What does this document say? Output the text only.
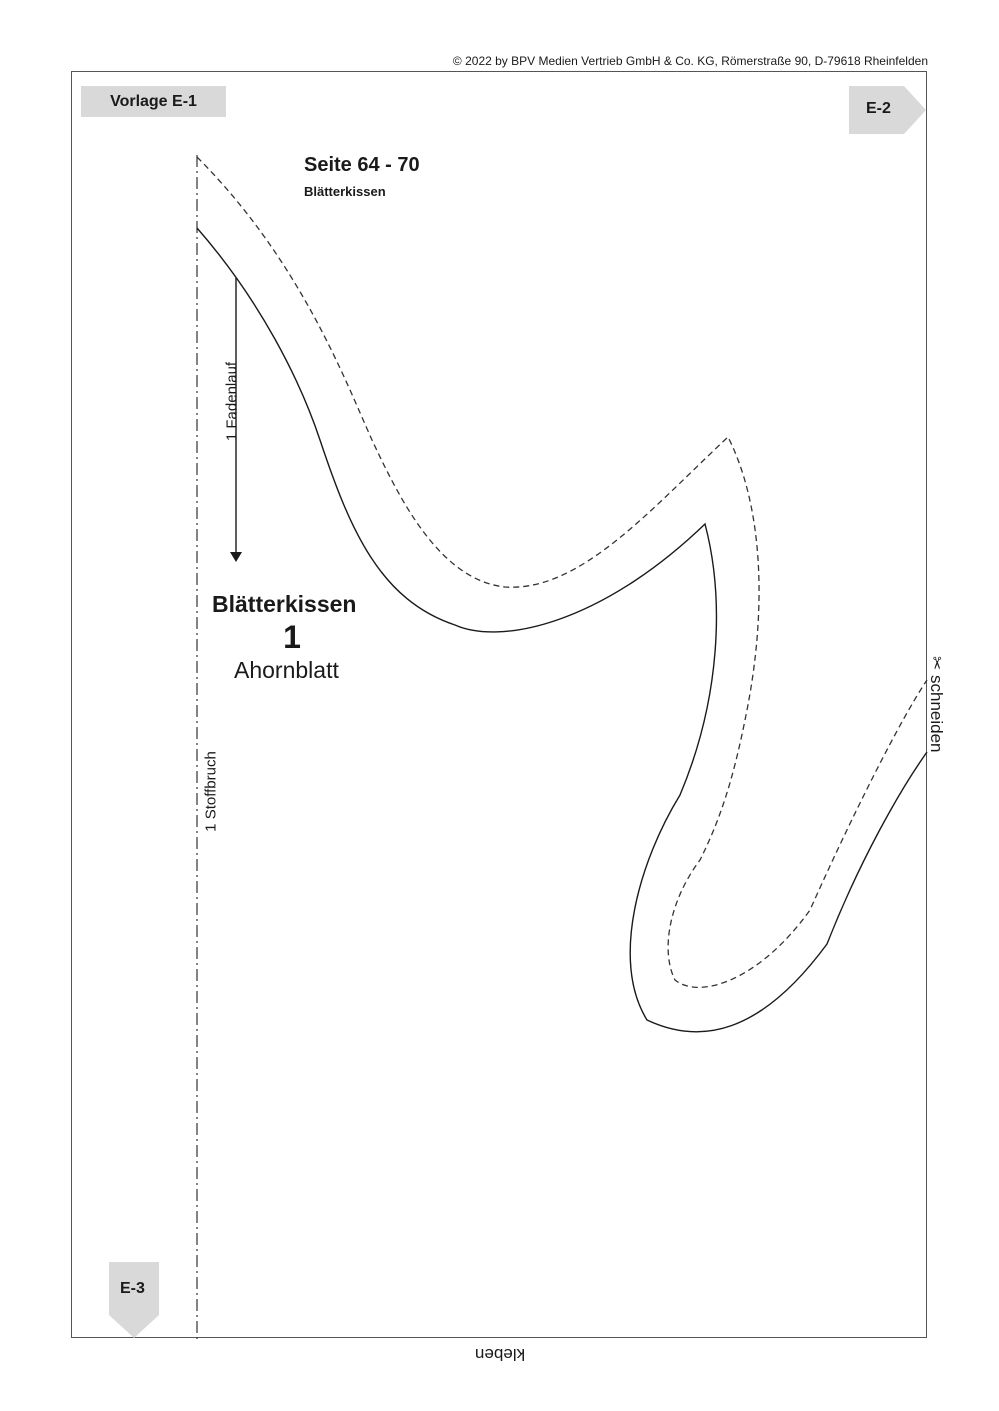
© 2022 by BPV Medien Vertrieb GmbH & Co. KG, Römerstraße 90, D-79618 Rheinfelden
Vorlage E-1	E-2
E-3
Seite 64 - 70
Blätterkissen
Blätterkissen
1
Ahornblatt
1 Fadenlauf
1 Stoffbruch
✂ schneiden
kleben
